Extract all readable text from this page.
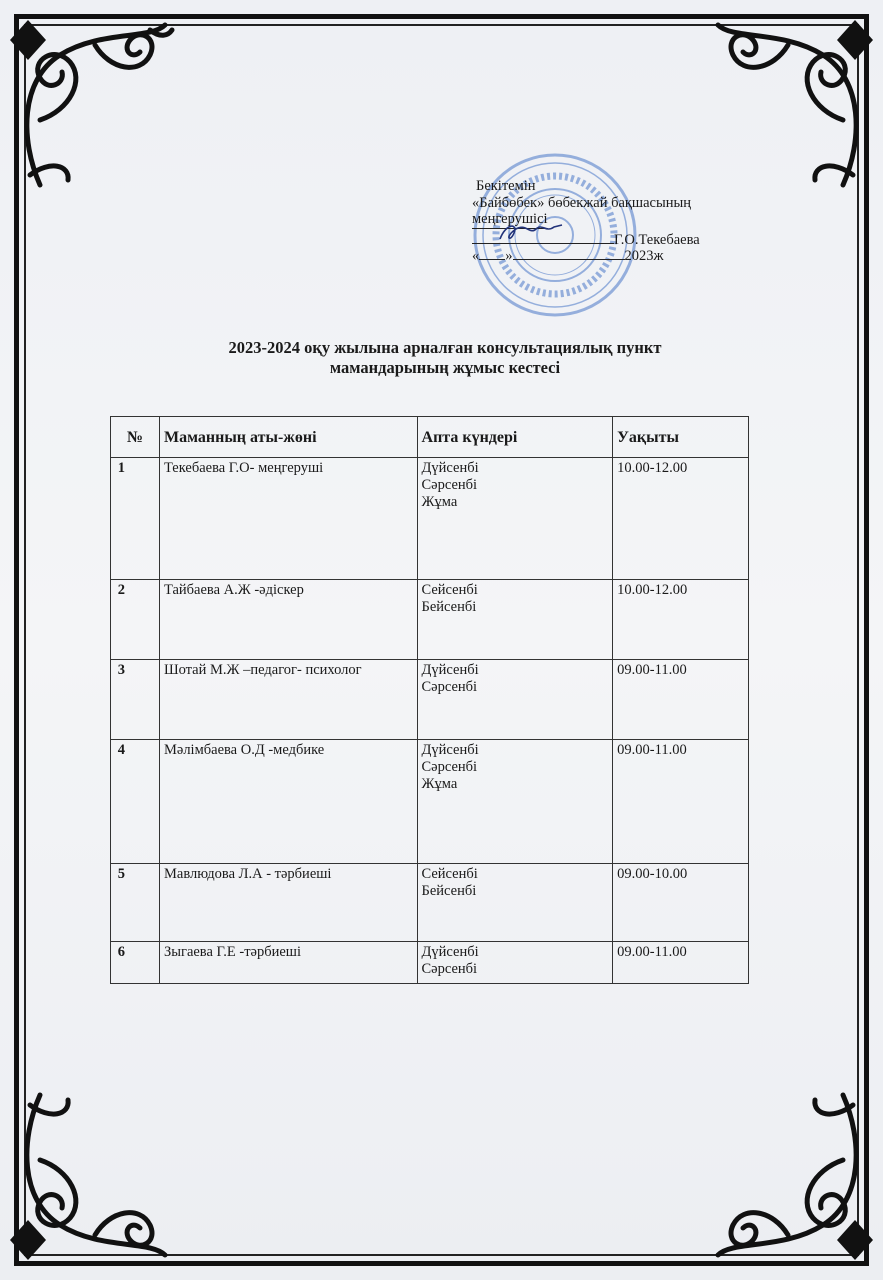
Бекітемін
«Байбөбек» бөбекжай бақшасының
меңгерушісі
Г.О.Текебаева
« »	2023ж
2023-2024 оқу жылына арналған консультациялық пункт
мамандарының жұмыс кестесі
№	Маманның аты-жөні	Апта күндері	Уақыты
1	Текебаева Г.О- меңгеруші	Дүйсенбі
Сәрсенбі
Жұма	10.00-12.00
2	Тайбаева А.Ж -әдіскер	Сейсенбі
Бейсенбі	10.00-12.00
3	Шотай М.Ж –педагог- психолог	Дүйсенбі
Сәрсенбі	09.00-11.00
4	Мәлімбаева О.Д -медбике	Дүйсенбі
Сәрсенбі
Жұма	09.00-11.00
5	Мавлюдова Л.А - тәрбиеші	Сейсенбі
Бейсенбі	09.00-10.00
6	Зыгаева Г.Е -тәрбиеші	Дүйсенбі
Сәрсенбі	09.00-11.00
